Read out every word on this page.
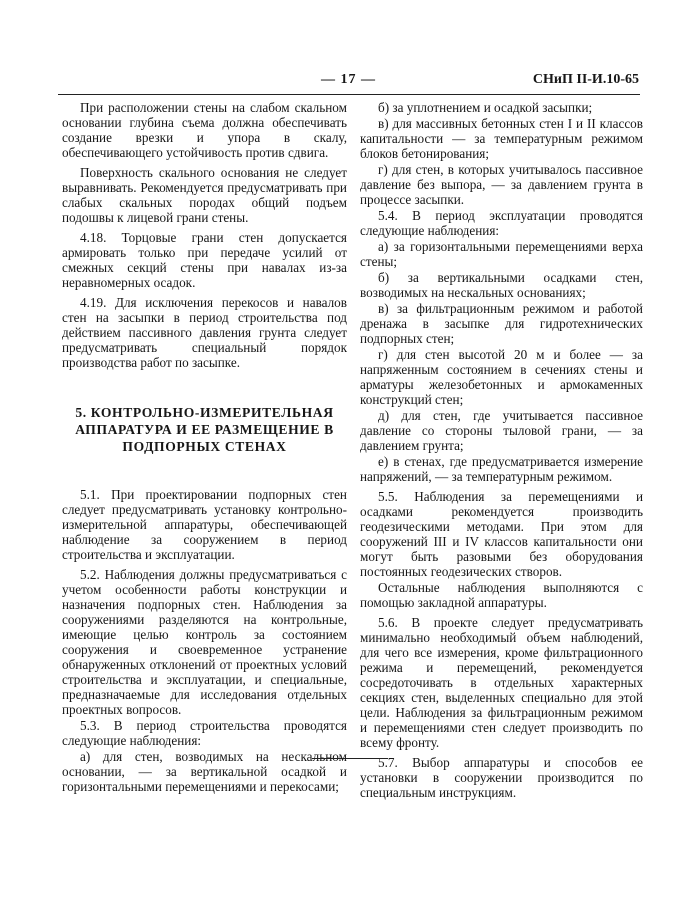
— 17 —	СНиП II-И.10-65

При расположении стены на слабом скальном основании глубина съема должна обеспечивать создание врезки и упора в скалу, обеспечивающего устойчивость против сдвига.

Поверхность скального основания не следует выравнивать. Рекомендуется предусматривать при слабых скальных породах общий подъем подошвы к лицевой грани стены.

4.18. Торцовые грани стен допускается армировать только при передаче усилий от смежных секций стены при навалах из-за неравномерных осадок.

4.19. Для исключения перекосов и навалов стен на засыпки в период строительства под действием пассивного давления грунта следует предусматривать специальный порядок производства работ по засыпке.

5. КОНТРОЛЬНО-ИЗМЕРИТЕЛЬНАЯ АППАРАТУРА И ЕЕ РАЗМЕЩЕНИЕ В ПОДПОРНЫХ СТЕНАХ

5.1. При проектировании подпорных стен следует предусматривать установку контрольно-измерительной аппаратуры, обеспечивающей наблюдение за сооружением в период строительства и эксплуатации.

5.2. Наблюдения должны предусматриваться с учетом особенности работы конструкции и назначения подпорных стен. Наблюдения за сооружениями разделяются на контрольные, имеющие целью контроль за состоянием сооружения и своевременное устранение обнаруженных отклонений от проектных условий строительства и эксплуатации, и специальные, предназначаемые для исследования отдельных проектных вопросов.

5.3. В период строительства проводятся следующие наблюдения:

а) для стен, возводимых на нескальном основании, — за вертикальной осадкой и горизонтальными перемещениями и перекосами;

б) за уплотнением и осадкой засыпки;

в) для массивных бетонных стен I и II классов капитальности — за температурным режимом блоков бетонирования;

г) для стен, в которых учитывалось пассивное давление без выпора, — за давлением грунта в процессе засыпки.

5.4. В период эксплуатации проводятся следующие наблюдения:

а) за горизонтальными перемещениями верха стены;

б) за вертикальными осадками стен, возводимых на нескальных основаниях;

в) за фильтрационным режимом и работой дренажа в засыпке для гидротехнических подпорных стен;

г) для стен высотой 20 м и более — за напряженным состоянием в сечениях стены и арматуры железобетонных и армокаменных конструкций стен;

д) для стен, где учитывается пассивное давление со стороны тыловой грани, — за давлением грунта;

е) в стенах, где предусматривается измерение напряжений, — за температурным режимом.

5.5. Наблюдения за перемещениями и осадками рекомендуется производить геодезическими методами. При этом для сооружений III и IV классов капитальности они могут быть разовыми без оборудования постоянных геодезических створов.

Остальные наблюдения выполняются с помощью закладной аппаратуры.

5.6. В проекте следует предусматривать минимально необходимый объем наблюдений, для чего все измерения, кроме фильтрационного режима и перемещений, рекомендуется сосредоточивать в отдельных характерных секциях стен, выделенных специально для этой цели. Наблюдения за фильтрационным режимом и перемещениями стен следует производить по всему фронту.

5.7. Выбор аппаратуры и способов ее установки в сооружении производится по специальным инструкциям.
